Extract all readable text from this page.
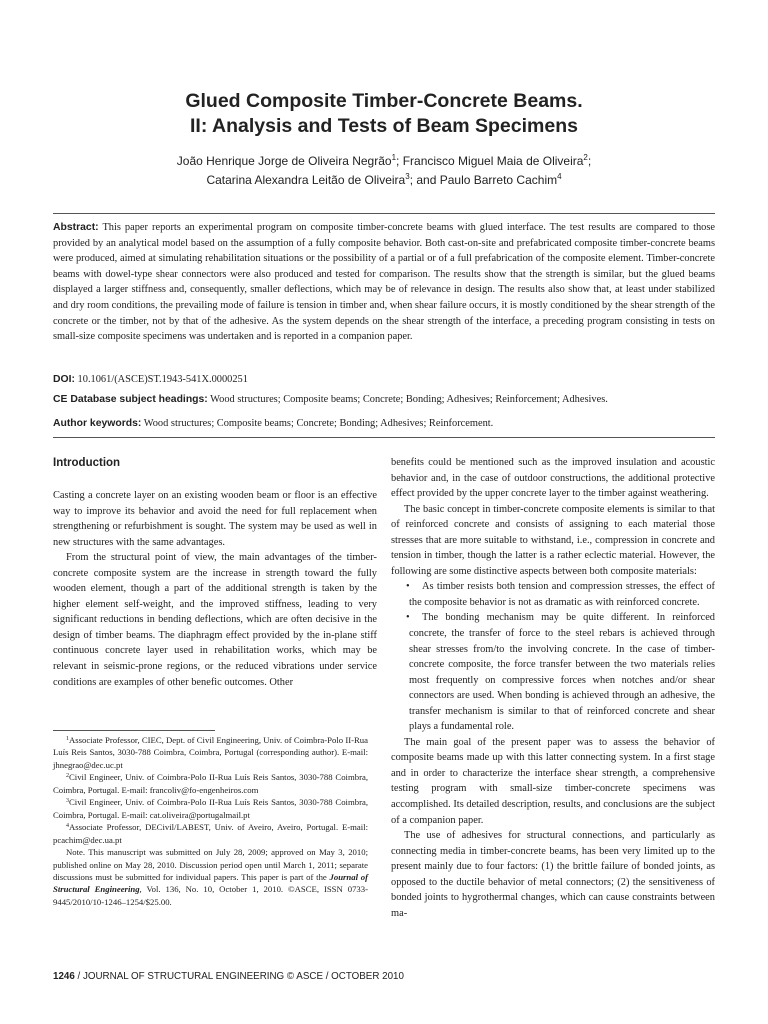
Glued Composite Timber-Concrete Beams.
II: Analysis and Tests of Beam Specimens
João Henrique Jorge de Oliveira Negrão$^1$; Francisco Miguel Maia de Oliveira$^2$;
Catarina Alexandra Leitão de Oliveira$^3$; and Paulo Barreto Cachim$^4$
Abstract: This paper reports an experimental program on composite timber-concrete beams with glued interface. The test results are compared to those provided by an analytical model based on the assumption of a fully composite behavior. Both cast-on-site and prefabricated composite timber-concrete beams were produced, aimed at simulating rehabilitation situations or the possibility of a partial or of a full prefabrication of the composite element. Timber-concrete beams with dowel-type shear connectors were also produced and tested for comparison. The results show that the strength is similar, but the glued beams displayed a larger stiffness and, consequently, smaller deflections, which may be of relevance in design. The results also show that, at least under stabilized and dry room conditions, the prevailing mode of failure is tension in timber and, when shear failure occurs, it is mostly conditioned by the shear strength of the concrete or the timber, not by that of the adhesive. As the system depends on the shear strength of the interface, a preceding program consisting in tests on small-size composite specimens was undertaken and is reported in a companion paper.
DOI: 10.1061/(ASCE)ST.1943-541X.0000251
CE Database subject headings: Wood structures; Composite beams; Concrete; Bonding; Adhesives; Reinforcement; Adhesives.
Author keywords: Wood structures; Composite beams; Concrete; Bonding; Adhesives; Reinforcement.
Introduction

Casting a concrete layer on an existing wooden beam or floor is an effective way to improve its behavior and avoid the need for full replacement when strengthening or refurbishment is sought. The system may be used as well in new structures with the same advantages.

From the structural point of view, the main advantages of the timber-concrete composite system are the increase in strength toward the fully wooden element, though a part of the additional strength is taken by the higher element self-weight, and the improved stiffness, leading to very significant reductions in bending deflections, which are often decisive in the design of timber beams. The diaphragm effect provided by the in-plane stiff continuous concrete layer used in rehabilitation works, which may be relevant in seismic-prone regions, or the reduced vibrations under service conditions are examples of other benefic outcomes. Other

$^1$Associate Professor, CIEC, Dept. of Civil Engineering, Univ. of Coimbra-Polo II-Rua Luís Reis Santos, 3030-788 Coimbra, Coimbra, Portugal (corresponding author). E-mail: jhnegrao@dec.uc.pt

$^2$Civil Engineer, Univ. of Coimbra-Polo II-Rua Luís Reis Santos, 3030-788 Coimbra, Coimbra, Portugal. E-mail: francoliv@fo-engenheiros.com

$^3$Civil Engineer, Univ. of Coimbra-Polo II-Rua Luís Reis Santos, 3030-788 Coimbra, Coimbra, Portugal. E-mail: cat.oliveira@portugalmail.pt

$^4$Associate Professor, DECivil/LABEST, Univ. of Aveiro, Aveiro, Portugal. E-mail: pcachim@dec.ua.pt

Note. This manuscript was submitted on July 28, 2009; approved on May 3, 2010; published online on May 28, 2010. Discussion period open until March 1, 2011; separate discussions must be submitted for individual papers. This paper is part of the Journal of Structural Engineering, Vol. 136, No. 10, October 1, 2010. ©ASCE, ISSN 0733-9445/2010/10-1246–1254/$25.00.

benefits could be mentioned such as the improved insulation and acoustic behavior and, in the case of outdoor constructions, the additional protective effect provided by the upper concrete layer to the timber against weathering.

The basic concept in timber-concrete composite elements is similar to that of reinforced concrete and consists of assigning to each material those stresses that are more suitable to withstand, i.e., compression in concrete and tension in timber, though the latter is a rather eclectic material. However, the following are some distinctive aspects between both composite materials:

• As timber resists both tension and compression stresses, the effect of the composite behavior is not as dramatic as with reinforced concrete.

• The bonding mechanism may be quite different. In reinforced concrete, the transfer of force to the steel rebars is achieved through shear stresses from/to the involving concrete. In the case of timber-concrete composite, the force transfer between the two materials relies most frequently on compressive forces when notches and/or shear connectors are used. When bonding is achieved through an adhesive, the transfer mechanism is similar to that of reinforced concrete and shear plays a fundamental role.

The main goal of the present paper was to assess the behavior of composite beams made up with this latter connecting system. In a first stage and in order to characterize the interface shear strength, a comprehensive testing program with small-size timber-concrete specimens was accomplished. Its detailed description, results, and conclusions are the subject of a companion paper.

The use of adhesives for structural connections, and particularly as connecting media in timber-concrete beams, has been very limited up to the present mainly due to four factors: (1) the brittle failure of bonded joints, as opposed to the ductile behavior of metal connectors; (2) the sensitiveness of bonded joints to hygrothermal changes, which can cause constraints between ma-

1246 / JOURNAL OF STRUCTURAL ENGINEERING © ASCE / OCTOBER 2010
